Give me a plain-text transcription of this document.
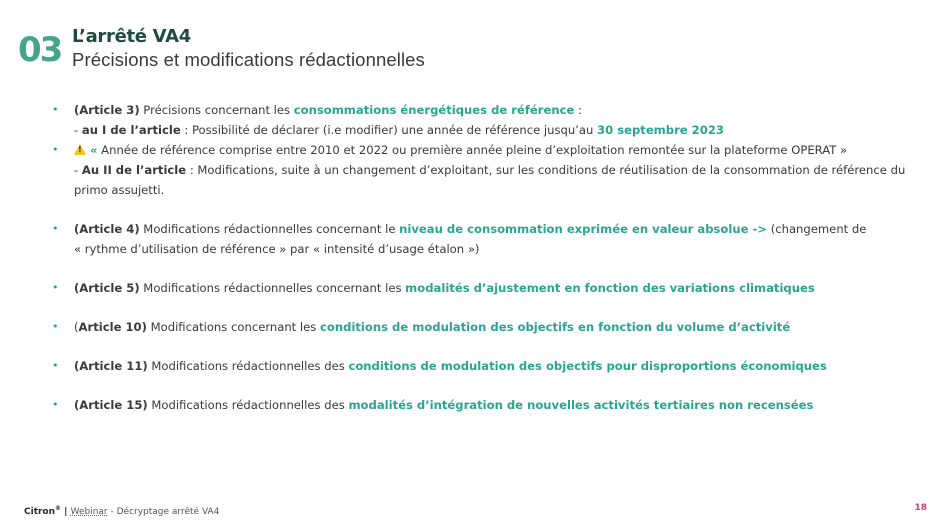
03 L’arrêté VA4
Précisions et modifications rédactionnelles
• (Article 3) Précisions concernant les consommations énergétiques de référence :
- au I de l’article : Possibilité de déclarer (i.e modifier) une année de référence jusqu’au 30 septembre 2023
• !	« Année de référence comprise entre 2010 et 2022 ou première année pleine d’exploitation remontée sur la plateforme OPERAT »
- Au II de l’article : Modifications, suite à un changement d’exploitant, sur les conditions de réutilisation de la consommation de référence du
primo assujetti.
• (Article 4) Modifications rédactionnelles concernant le niveau de consommation exprimée en valeur absolue -> (changement de
« rythme d’utilisation de référence » par « intensité d’usage étalon »)
• (Article 5) Modifications rédactionnelles concernant les modalités d’ajustement en fonction des variations climatiques
• (Article 10) Modifications concernant les conditions de modulation des objectifs en fonction du volume d’activité
• (Article 11) Modifications rédactionnelles des conditions de modulation des objectifs pour disproportions économiques
• (Article 15) Modifications rédactionnelles des modalités d’intégration de nouvelles activités tertiaires non recensées
Citron® | Webinar - Décryptage arrêté VA4	18
